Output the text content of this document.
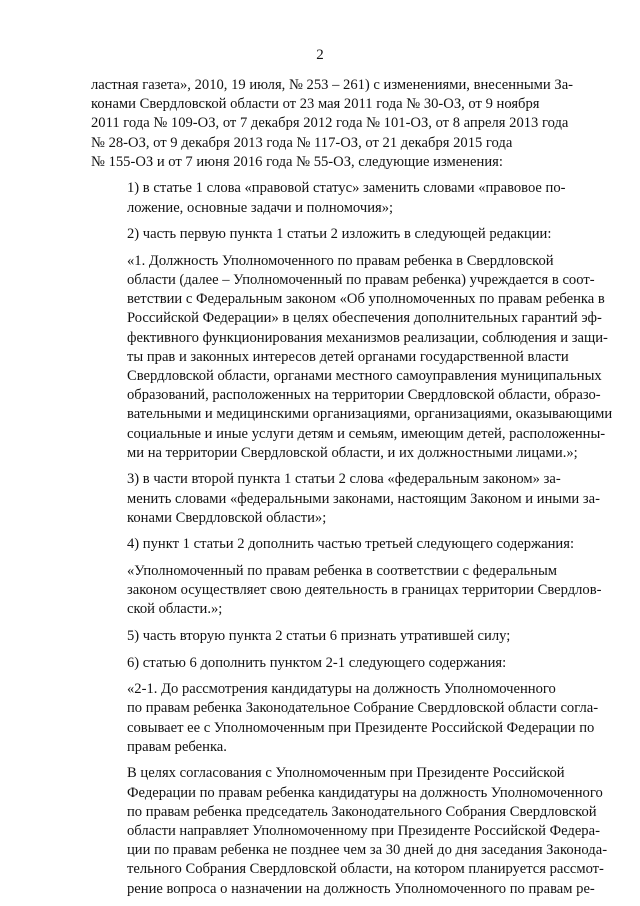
2
ластная газета», 2010, 19 июля, № 253 – 261) с изменениями, внесенными За-
конами Свердловской области от 23 мая 2011 года № 30-ОЗ, от 9 ноября
2011 года № 109-ОЗ, от 7 декабря 2012 года № 101-ОЗ, от 8 апреля 2013 года
№ 28-ОЗ, от 9 декабря 2013 года № 117-ОЗ, от 21 декабря 2015 года
№ 155-ОЗ и от 7 июня 2016 года № 55-ОЗ, следующие изменения:
1) в статье 1 слова «правовой статус» заменить словами «правовое по-
ложение, основные задачи и полномочия»;
2) часть первую пункта 1 статьи 2 изложить в следующей редакции:
«1. Должность Уполномоченного по правам ребенка в Свердловской
области (далее – Уполномоченный по правам ребенка) учреждается в соот-
ветствии с Федеральным законом «Об уполномоченных по правам ребенка в
Российской Федерации» в целях обеспечения дополнительных гарантий эф-
фективного функционирования механизмов реализации, соблюдения и защи-
ты прав и законных интересов детей органами государственной власти
Свердловской области, органами местного самоуправления муниципальных
образований, расположенных на территории Свердловской области, образо-
вательными и медицинскими организациями, организациями, оказывающими
социальные и иные услуги детям и семьям, имеющим детей, расположенны-
ми на территории Свердловской области, и их должностными лицами.»;
3) в части второй пункта 1 статьи 2 слова «федеральным законом» за-
менить словами «федеральными законами, настоящим Законом и иными за-
конами Свердловской области»;
4) пункт 1 статьи 2 дополнить частью третьей следующего содержания:
«Уполномоченный по правам ребенка в соответствии с федеральным
законом осуществляет свою деятельность в границах территории Свердлов-
ской области.»;
5) часть вторую пункта 2 статьи 6 признать утратившей силу;
6) статью 6 дополнить пунктом 2-1 следующего содержания:
«2-1. До рассмотрения кандидатуры на должность Уполномоченного
по правам ребенка Законодательное Собрание Свердловской области согла-
совывает ее с Уполномоченным при Президенте Российской Федерации по
правам ребенка.
В целях согласования с Уполномоченным при Президенте Российской
Федерации по правам ребенка кандидатуры на должность Уполномоченного
по правам ребенка председатель Законодательного Собрания Свердловской
области направляет Уполномоченному при Президенте Российской Федера-
ции по правам ребенка не позднее чем за 30 дней до дня заседания Законода-
тельного Собрания Свердловской области, на котором планируется рассмот-
рение вопроса о назначении на должность Уполномоченного по правам ре-
